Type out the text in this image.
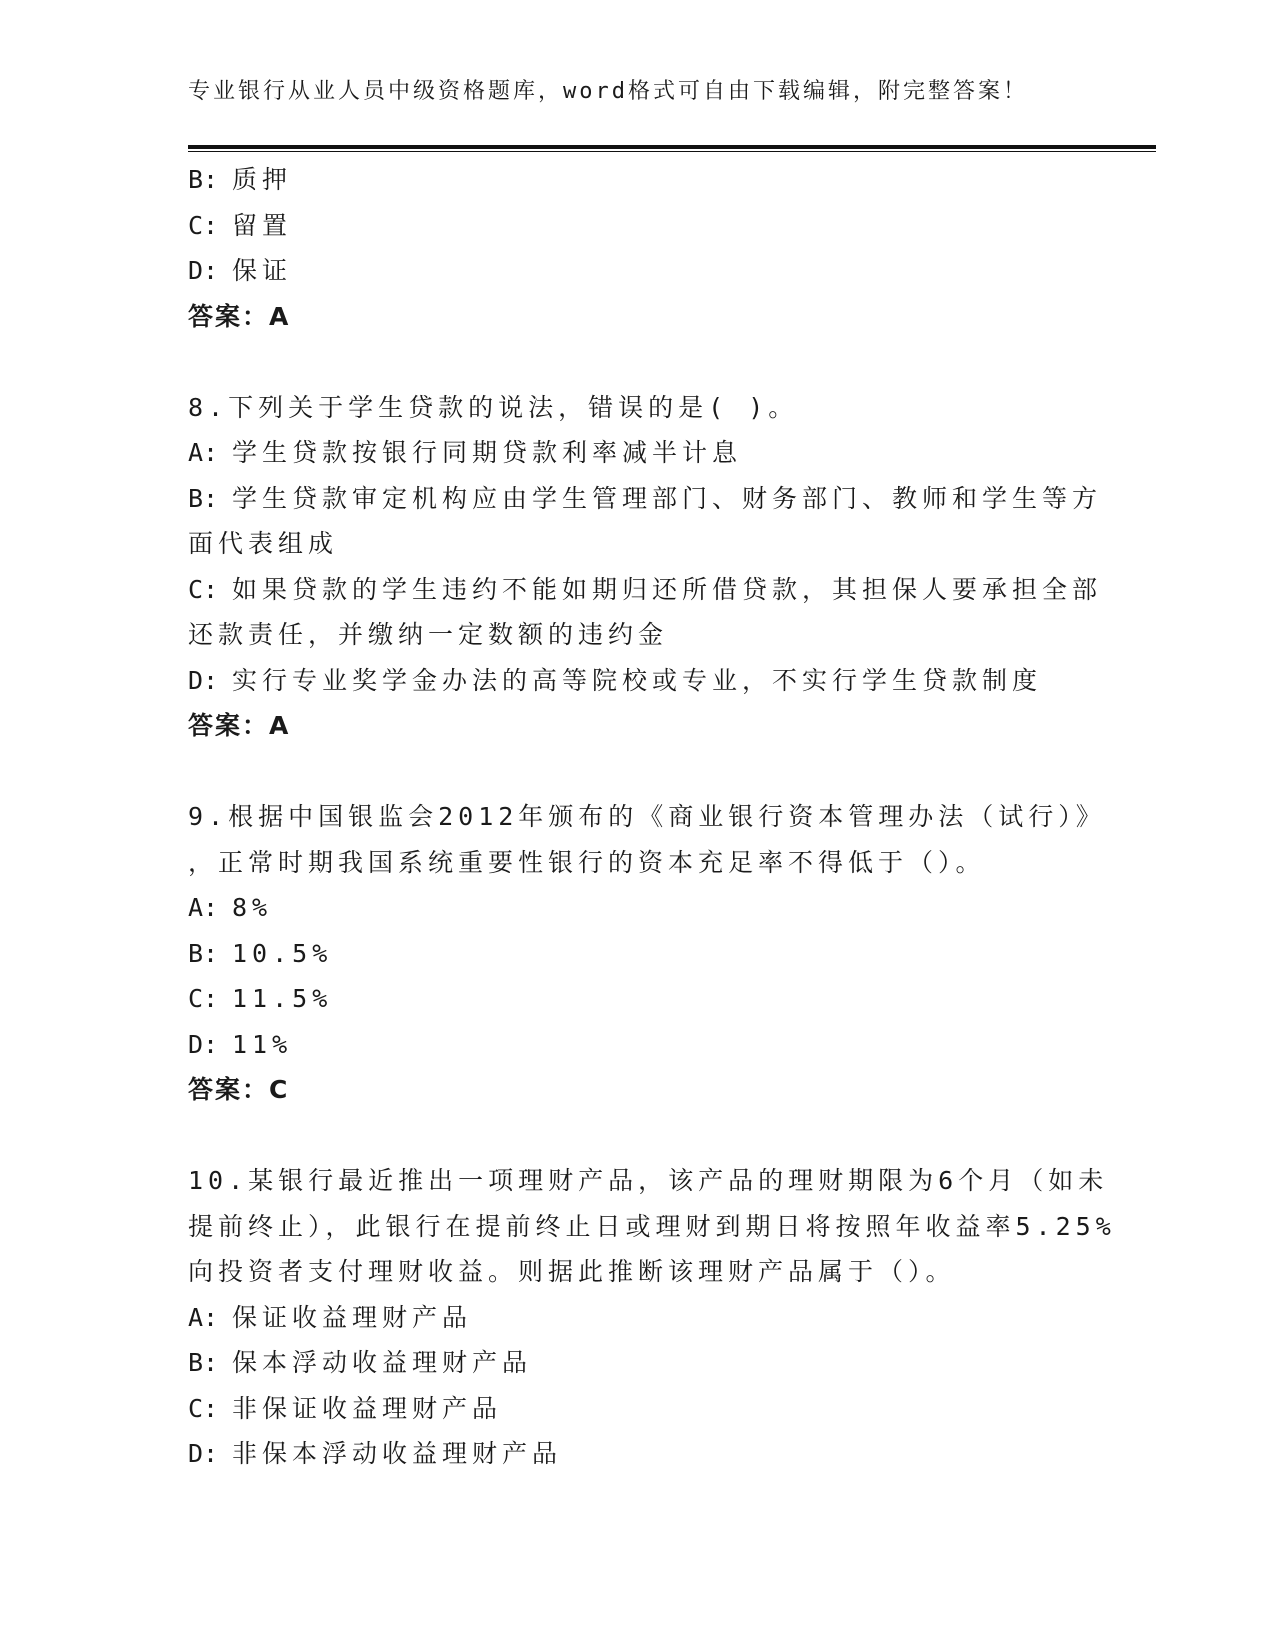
专业银行从业人员中级资格题库，word格式可自由下载编辑，附完整答案！
B: 质押
C: 留置
D: 保证
答案：A
8.下列关于学生贷款的说法，错误的是( )。
A: 学生贷款按银行同期贷款利率减半计息
B: 学生贷款审定机构应由学生管理部门、财务部门、教师和学生等方
面代表组成
C: 如果贷款的学生违约不能如期归还所借贷款，其担保人要承担全部
还款责任，并缴纳一定数额的违约金
D: 实行专业奖学金办法的高等院校或专业，不实行学生贷款制度
答案：A
9.根据中国银监会2012年颁布的《商业银行资本管理办法（试行）》
，正常时期我国系统重要性银行的资本充足率不得低于（）。
A: 8%
B: 10.5%
C: 11.5%
D: 11%
答案：C
10.某银行最近推出一项理财产品，该产品的理财期限为6个月（如未
提前终止），此银行在提前终止日或理财到期日将按照年收益率5.25%
向投资者支付理财收益。则据此推断该理财产品属于（）。
A: 保证收益理财产品
B: 保本浮动收益理财产品
C: 非保证收益理财产品
D: 非保本浮动收益理财产品
